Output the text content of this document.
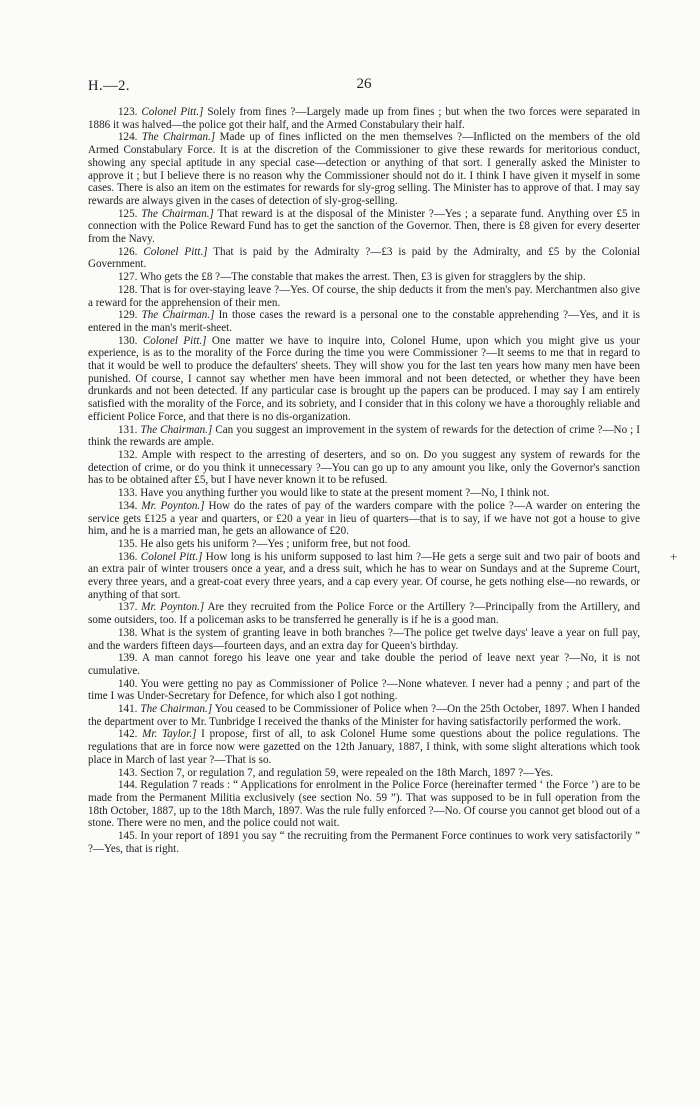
H.—2.	26

123. Colonel Pitt.] Solely from fines ?—Largely made up from fines ; but when the two forces were separated in 1886 it was halved—the police got their half, and the Armed Constabulary their half.

124. The Chairman.] Made up of fines inflicted on the men themselves ?—Inflicted on the members of the old Armed Constabulary Force. It is at the discretion of the Commissioner to give these rewards for meritorious conduct, showing any special aptitude in any special case—detection or anything of that sort. I generally asked the Minister to approve it ; but I believe there is no reason why the Commissioner should not do it. I think I have given it myself in some cases. There is also an item on the estimates for rewards for sly-grog selling. The Minister has to approve of that. I may say rewards are always given in the cases of detection of sly-grog-selling.

125. The Chairman.] That reward is at the disposal of the Minister ?—Yes ; a separate fund. Anything over £5 in connection with the Police Reward Fund has to get the sanction of the Governor. Then, there is £8 given for every deserter from the Navy.

126. Colonel Pitt.] That is paid by the Admiralty ?—£3 is paid by the Admiralty, and £5 by the Colonial Government.

127. Who gets the £8 ?—The constable that makes the arrest. Then, £3 is given for stragglers by the ship.

128. That is for over-staying leave ?—Yes. Of course, the ship deducts it from the men's pay. Merchantmen also give a reward for the apprehension of their men.

129. The Chairman.] In those cases the reward is a personal one to the constable apprehending ?—Yes, and it is entered in the man's merit-sheet.

130. Colonel Pitt.] One matter we have to inquire into, Colonel Hume, upon which you might give us your experience, is as to the morality of the Force during the time you were Commissioner ?—It seems to me that in regard to that it would be well to produce the defaulters' sheets. They will show you for the last ten years how many men have been punished. Of course, I cannot say whether men have been immoral and not been detected, or whether they have been drunkards and not been detected. If any particular case is brought up the papers can be produced. I may say I am entirely satisfied with the morality of the Force, and its sobriety, and I consider that in this colony we have a thoroughly reliable and efficient Police Force, and that there is no dis-organization.

131. The Chairman.] Can you suggest an improvement in the system of rewards for the detection of crime ?—No ; I think the rewards are ample.

132. Ample with respect to the arresting of deserters, and so on. Do you suggest any system of rewards for the detection of crime, or do you think it unnecessary ?—You can go up to any amount you like, only the Governor's sanction has to be obtained after £5, but I have never known it to be refused.

133. Have you anything further you would like to state at the present moment ?—No, I think not.

134. Mr. Poynton.] How do the rates of pay of the warders compare with the police ?—A warder on entering the service gets £125 a year and quarters, or £20 a year in lieu of quarters—that is to say, if we have not got a house to give him, and he is a married man, he gets an allowance of £20.

135. He also gets his uniform ?—Yes ; uniform free, but not food.

136. Colonel Pitt.] How long is his uniform supposed to last him ?—He gets a serge suit and two pair of boots and an extra pair of winter trousers once a year, and a dress suit, which he has to wear on Sundays and at the Supreme Court, every three years, and a great-coat every three years, and a cap every year. Of course, he gets nothing else—no rewards, or anything of that sort.

137. Mr. Poynton.] Are they recruited from the Police Force or the Artillery ?—Principally from the Artillery, and some outsiders, too. If a policeman asks to be transferred he generally is if he is a good man.

138. What is the system of granting leave in both branches ?—The police get twelve days' leave a year on full pay, and the warders fifteen days—fourteen days, and an extra day for Queen's birthday.

139. A man cannot forego his leave one year and take double the period of leave next year ?—No, it is not cumulative.

140. You were getting no pay as Commissioner of Police ?—None whatever. I never had a penny ; and part of the time I was Under-Secretary for Defence, for which also I got nothing.

141. The Chairman.] You ceased to be Commissioner of Police when ?—On the 25th October, 1897. When I handed the department over to Mr. Tunbridge I received the thanks of the Minister for having satisfactorily performed the work.

142. Mr. Taylor.] I propose, first of all, to ask Colonel Hume some questions about the police regulations. The regulations that are in force now were gazetted on the 12th January, 1887, I think, with some slight alterations which took place in March of last year ?—That is so.

143. Section 7, or regulation 7, and regulation 59, were repealed on the 18th March, 1897 ?—Yes.

144. Regulation 7 reads : “ Applications for enrolment in the Police Force (hereinafter termed ‘ the Force ’) are to be made from the Permanent Militia exclusively (see section No. 59 ”). That was supposed to be in full operation from the 18th October, 1887, up to the 18th March, 1897. Was the rule fully enforced ?—No. Of course you cannot get blood out of a stone. There were no men, and the police could not wait.

145. In your report of 1891 you say “ the recruiting from the Permanent Force continues to work very satisfactorily ” ?—Yes, that is right.

+
